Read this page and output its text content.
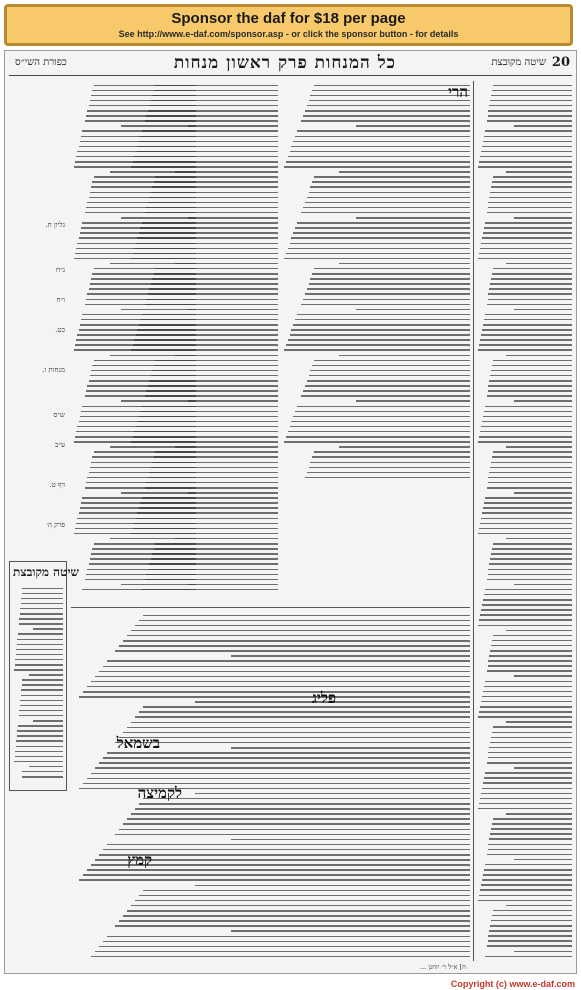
Sponsor the daf for $18 per page
See http://www.e-daf.com/sponsor.asp - or click the sponsor button - for details
20
שיטה מקובצת
כל המנחות פרק ראשון מנחות
כפורת השי״ס
הרי
גליון ח.
נ״ח
ו״ח
כט.
מנחות ו.
ש״ס
ע״ב
דף ט.
פרק ה׳
שיטה מקובצת
פליג
בשמאל
לקמיצה
קמץ
ח] א״ל ר׳ יוחנן ...
Copyright (c) www.e-daf.com
